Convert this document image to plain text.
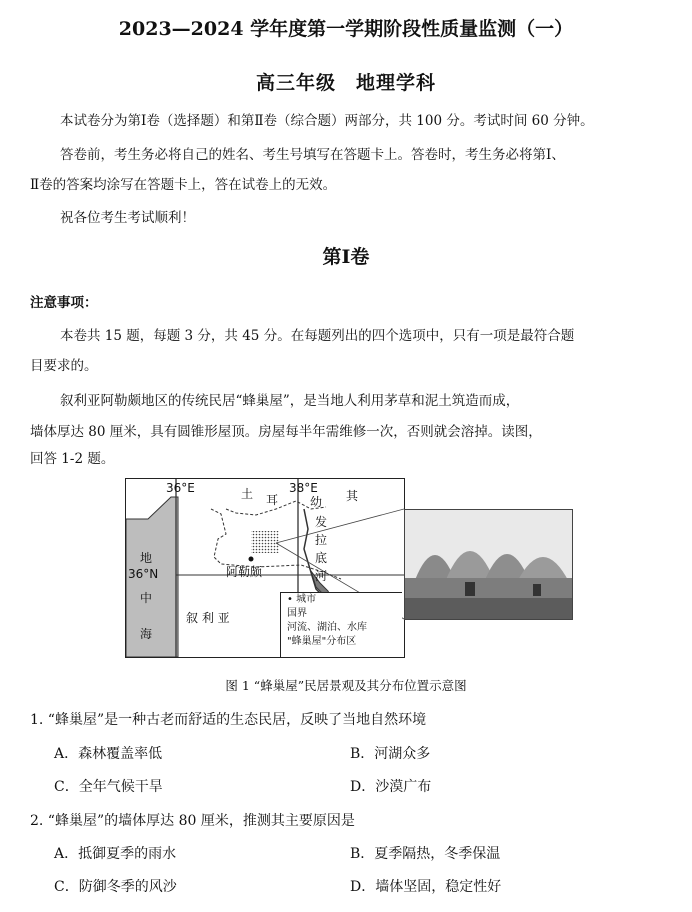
2023—2024 学年度第一学期阶段性质量监测（一）
高三年级　地理学科
本试卷分为第Ⅰ卷（选择题）和第Ⅱ卷（综合题）两部分，共 100 分。考试时间 60 分钟。
答卷前，考生务必将自己的姓名、考生号填写在答题卡上。答卷时，考生务必将第Ⅰ、
Ⅱ卷的答案均涂写在答题卡上，答在试卷上的无效。
祝各位考生考试顺利！
第Ⅰ卷
注意事项：
本卷共 15 题，每题 3 分，共 45 分。在每题列出的四个选项中，只有一项是最符合题
目要求的。
叙利亚阿勒颇地区的传统民居“蜂巢屋”，是当地人利用茅草和泥土筑造而成，
墙体厚达 80 厘米，具有圆锥形屋顶。房屋每半年需维修一次，否则就会溶掉。读图，
回答 1-2 题。
36°E	38°E
36°N
土 耳	其
幼
发
拉
底
河
地
中
海
阿勒颇
叙 利 亚
• 城市
国界
河流、湖泊、水库
"蜂巢屋"分布区
图 1 “蜂巢屋”民居景观及其分布位置示意图
1. “蜂巢屋”是一种古老而舒适的生态民居，反映了当地自然环境
A．森林覆盖率低	B．河湖众多
C．全年气候干旱	D．沙漠广布
2. “蜂巢屋”的墙体厚达 80 厘米，推测其主要原因是
A．抵御夏季的雨水	B．夏季隔热，冬季保温
C．防御冬季的风沙	D．墙体坚固，稳定性好
